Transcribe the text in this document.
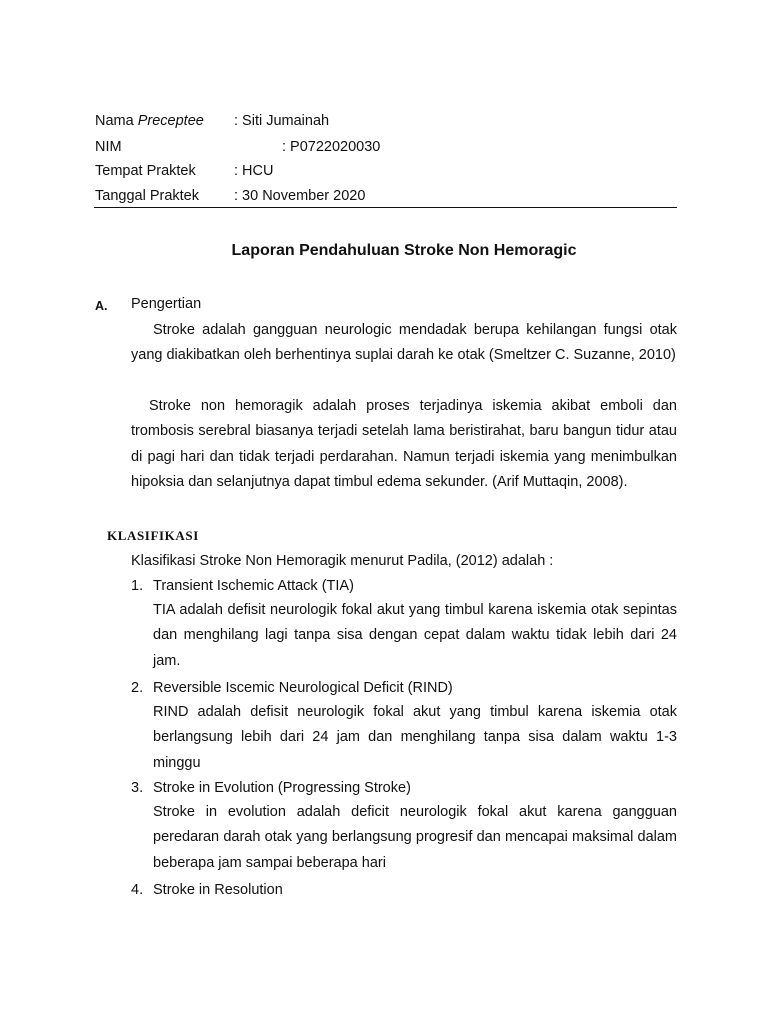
Nama Preceptee : Siti Jumainah
NIM	: P0722020030
Tempat Praktek	: HCU
Tanggal Praktek : 30 November 2020
Laporan Pendahuluan Stroke Non Hemoragic
A. Pengertian

Stroke adalah gangguan neurologic mendadak berupa kehilangan fungsi otak yang diakibatkan oleh berhentinya suplai darah ke otak (Smeltzer C. Suzanne, 2010)

Stroke non hemoragik adalah proses terjadinya iskemia akibat emboli dan trombosis serebral biasanya terjadi setelah lama beristirahat, baru bangun tidur atau di pagi hari dan tidak terjadi perdarahan. Namun terjadi iskemia yang menimbulkan hipoksia dan selanjutnya dapat timbul edema sekunder. (Arif Muttaqin, 2008).

KLASIFIKASI
Klasifikasi Stroke Non Hemoragik menurut Padila, (2012) adalah :
1. Transient Ischemic Attack (TIA)

TIA adalah defisit neurologik fokal akut yang timbul karena iskemia otak sepintas dan menghilang lagi tanpa sisa dengan cepat dalam waktu tidak lebih dari 24 jam.

2. Reversible Iscemic Neurological Deficit (RIND)

RIND adalah defisit neurologik fokal akut yang timbul karena iskemia otak berlangsung lebih dari 24 jam dan menghilang tanpa sisa dalam waktu 1-3 minggu

3. Stroke in Evolution (Progressing Stroke)

Stroke in evolution adalah deficit neurologik fokal akut karena gangguan peredaran darah otak yang berlangsung progresif dan mencapai maksimal dalam beberapa jam sampai beberapa hari

4. Stroke in Resolution
